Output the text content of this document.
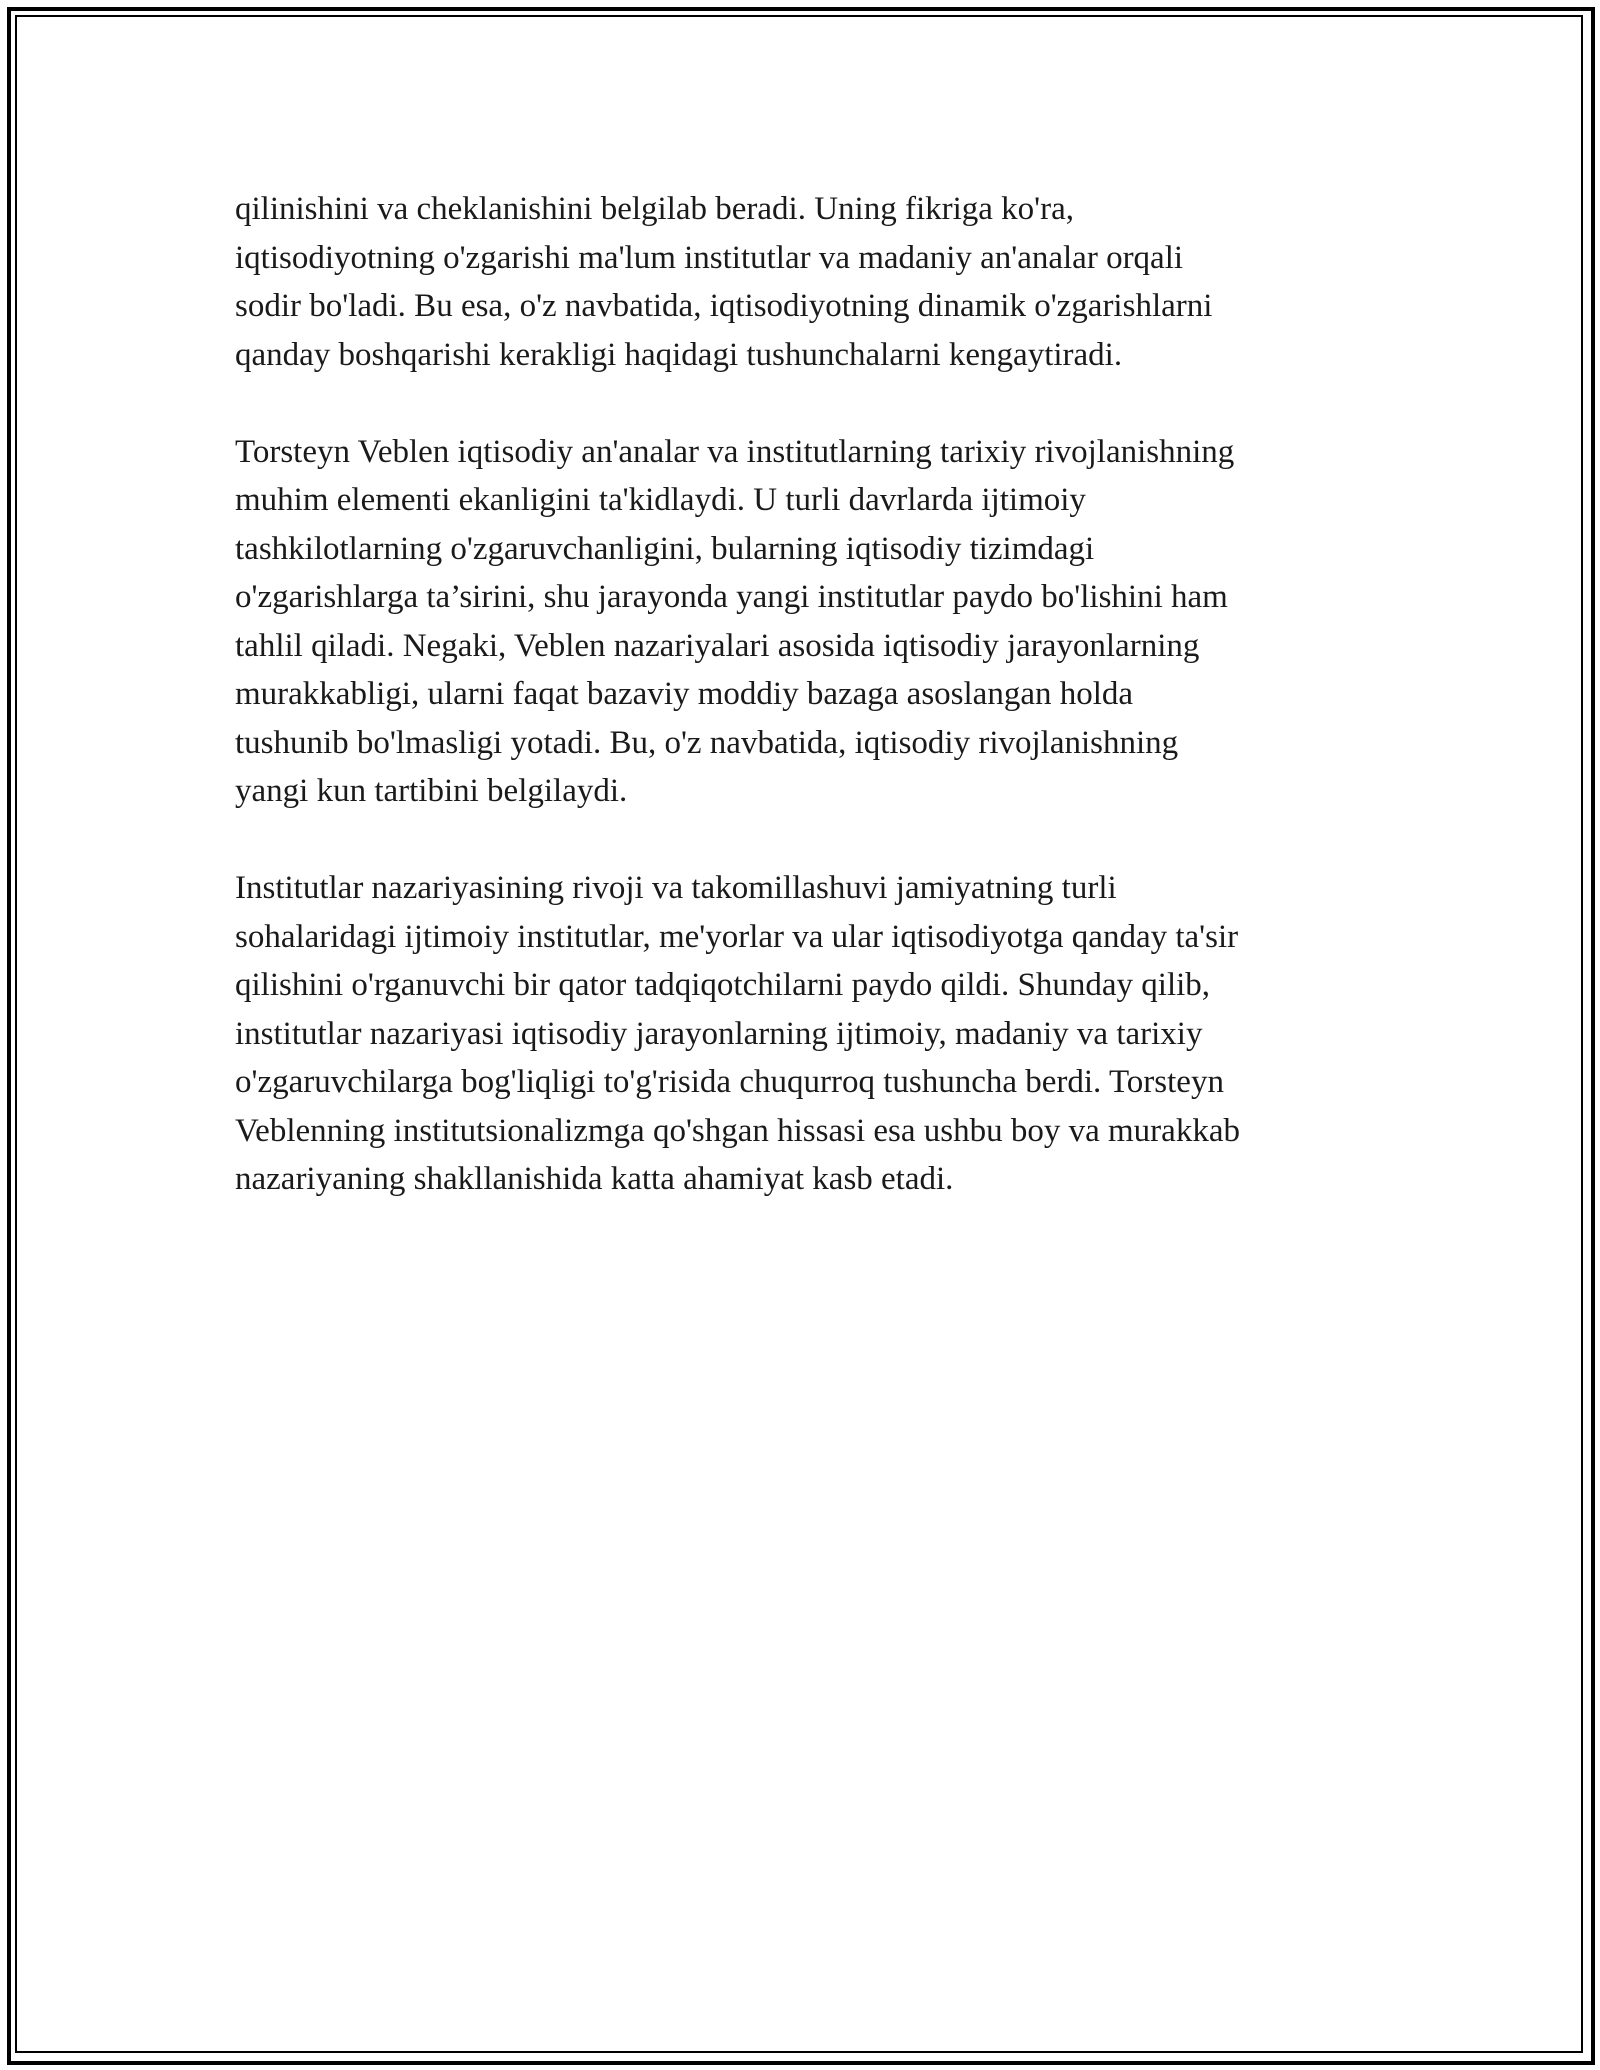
qilinishini va cheklanishini belgilab beradi. Uning fikriga ko'ra,
iqtisodiyotning o'zgarishi ma'lum institutlar va madaniy an'analar orqali
sodir bo'ladi. Bu esa, o'z navbatida, iqtisodiyotning dinamik o'zgarishlarni
qanday boshqarishi kerakligi haqidagi tushunchalarni kengaytiradi.

Torsteyn Veblen iqtisodiy an'analar va institutlarning tarixiy rivojlanishning
muhim elementi ekanligini ta'kidlaydi. U turli davrlarda ijtimoiy
tashkilotlarning o'zgaruvchanligini, bularning iqtisodiy tizimdagi
o'zgarishlarga ta’sirini, shu jarayonda yangi institutlar paydo bo'lishini ham
tahlil qiladi. Negaki, Veblen nazariyalari asosida iqtisodiy jarayonlarning
murakkabligi, ularni faqat bazaviy moddiy bazaga asoslangan holda
tushunib bo'lmasligi yotadi. Bu, o'z navbatida, iqtisodiy rivojlanishning
yangi kun tartibini belgilaydi.

Institutlar nazariyasining rivoji va takomillashuvi jamiyatning turli
sohalaridagi ijtimoiy institutlar, me'yorlar va ular iqtisodiyotga qanday ta'sir
qilishini o'rganuvchi bir qator tadqiqotchilarni paydo qildi. Shunday qilib,
institutlar nazariyasi iqtisodiy jarayonlarning ijtimoiy, madaniy va tarixiy
o'zgaruvchilarga bog'liqligi to'g'risida chuqurroq tushuncha berdi. Torsteyn
Veblenning institutsionalizmga qo'shgan hissasi esa ushbu boy va murakkab
nazariyaning shakllanishida katta ahamiyat kasb etadi.
